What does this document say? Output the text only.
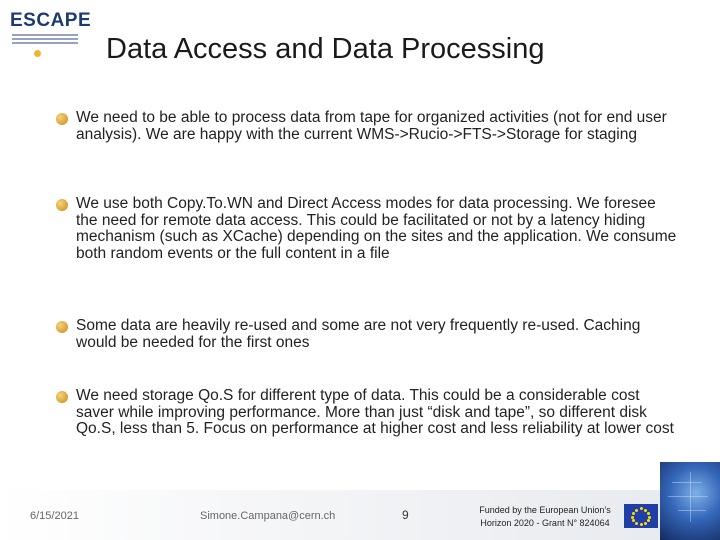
ESCAPE
Data Access and Data Processing
We need to be able to process data from tape for organized activities (not for end user analysis). We are happy with the current WMS->Rucio->FTS->Storage for staging
We use both Copy.To.WN and Direct Access modes for data processing. We foresee the need for remote data access. This could be facilitated or not by a latency hiding mechanism (such as XCache) depending on the sites and the application. We consume both random events or the full content in a file
Some data are heavily re-used and some are not very frequently re-used. Caching would be needed for the first ones
We need storage Qo.S for different type of data. This could be a considerable cost saver while improving performance. More than just “disk and tape”, so different disk Qo.S, less than 5. Focus on performance at higher cost and less reliability at lower cost
6/15/2021	Simone.Campana@cern.ch	9	Funded by the European Union’s
Horizon 2020 - Grant N° 824064
